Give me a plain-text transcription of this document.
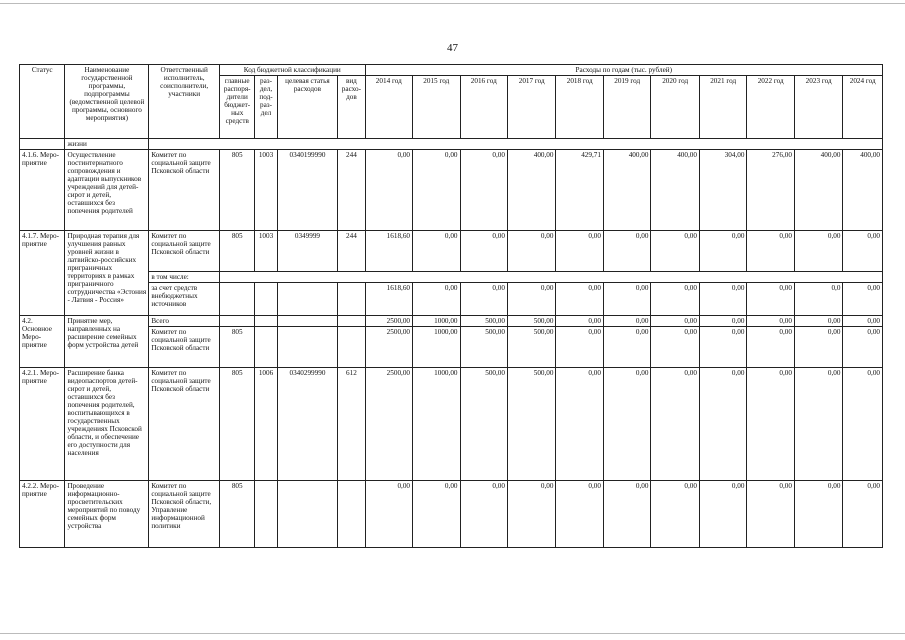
47
Статус	Наименование государственной программы, подпрограммы (ведомственной целевой программы, основного мероприятия)	Ответственный исполнитель, соисполнители, участники	Код бюджетной классификации				Расходы по годам (тыс. рублей)										
			главные распоря-дители бюджет-ных средств	раз-дел, под-раз-дел	целевая статья расходов	вид расхо-дов	2014 год	2015 год	2016 год	2017 год	2018 год	2019 год	2020 год	2021 год	2022 год	2023 год	2024 год
	жизни																
4.1.6. Меро-приятие	Осуществление постинтернатного сопровождения и адаптации выпускников учреждений для детей-сирот и детей, оставшихся без попечения родителей	Комитет по социальной защите Псковской области	805	1003	0340199990	244	0,00	0,00	0,00	400,00	429,71	400,00	400,00	304,00	276,00	400,00	400,00
4.1.7. Меро-приятие	Природная терапия для улучшения равных уровней жизни в латвийско-российских приграничных территориях в рамках приграничного сотрудничества «Эстония - Латвия - Россия»	Комитет по социальной защите Псковской области	805	1003	0349999	244	1618,60	0,00	0,00	0,00	0,00	0,00	0,00	0,00	0,00	0,00	0,00
		в том числе:															
		за счет средств внебюджетных источников					1618,60	0,00	0,00	0,00	0,00	0,00	0,00	0,00	0,00	0,0	0,00
4.2. Основное Меро-приятие	Принятие мер, направленных на расширение семейных форм устройства детей	Всего					2500,00	1000,00	500,00	500,00	0,00	0,00	0,00	0,00	0,00	0,00	0,00
		Комитет по социальной защите Псковской области	805				2500,00	1000,00	500,00	500,00	0,00	0,00	0,00	0,00	0,00	0,00	0,00
4.2.1. Меро-приятие	Расширение банка видеопаспортов детей-сирот и детей, оставшихся без попечения родителей, воспитывающихся в государственных учреждениях Псковской области, и обеспечение его доступности для населения	Комитет по социальной защите Псковской области	805	1006	0340299990	612	2500,00	1000,00	500,00	500,00	0,00	0,00	0,00	0,00	0,00	0,00	0,00
4.2.2. Меро-приятие	Проведение информационно-просветительских мероприятий по поводу семейных форм устройства	Комитет по социальной защите Псковской области, Управление информационной политики	805				0,00	0,00	0,00	0,00	0,00	0,00	0,00	0,00	0,00	0,00	0,00
